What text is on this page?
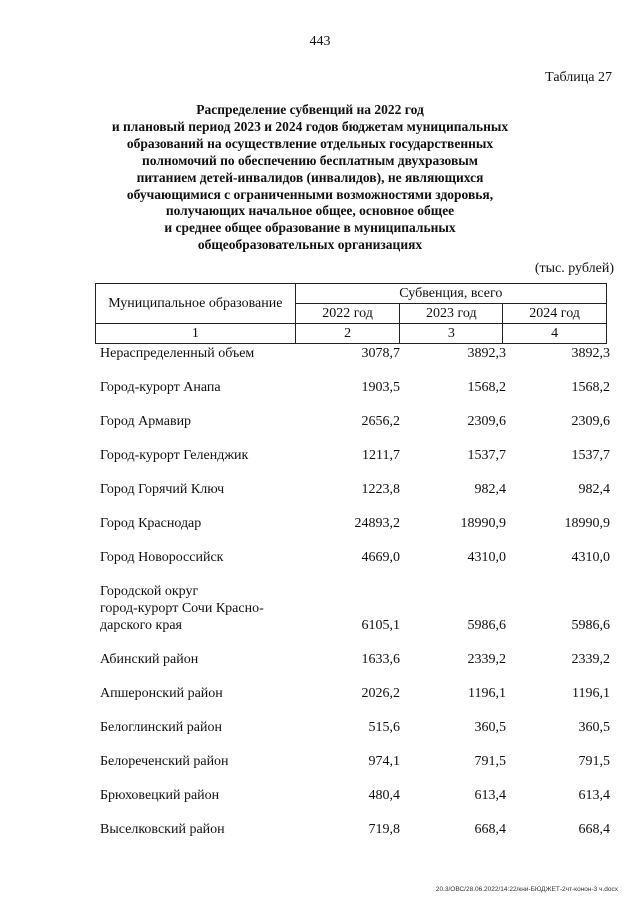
443
Таблица 27
Распределение субвенций на 2022 год
и плановый период 2023 и 2024 годов бюджетам муниципальных
образований на осуществление отдельных государственных
полномочий по обеспечению бесплатным двухразовым
питанием детей-инвалидов (инвалидов), не являющихся
обучающимися с ограниченными возможностями здоровья,
получающих начальное общее, основное общее
и среднее общее образование в муниципальных
общеобразовательных организациях
(тыс. рублей)
Муниципальное образование	Субвенция, всего		
	2022 год	2023 год	2024 год
1	2	3	4
Нераспределенный объем	3078,7	3892,3	3892,3
Город-курорт Анапа	1903,5	1568,2	1568,2
Город Армавир	2656,2	2309,6	2309,6
Город-курорт Геленджик	1211,7	1537,7	1537,7
Город Горячий Ключ	1223,8	982,4	982,4
Город Краснодар	24893,2	18990,9	18990,9
Город Новороссийск	4669,0	4310,0	4310,0
Городской округ
город-курорт Сочи Красно-
дарского края	6105,1	5986,6	5986,6
Абинский район	1633,6	2339,2	2339,2
Апшеронский район	2026,2	1196,1	1196,1
Белоглинский район	515,6	360,5	360,5
Белореченский район	974,1	791,5	791,5
Брюховецкий район	480,4	613,4	613,4
Выселковский район	719,8	668,4	668,4
20.3/ОВС/28.06.2022/14:22/кни-БЮДЖЕТ-2чт-конон-3 ч.docx
